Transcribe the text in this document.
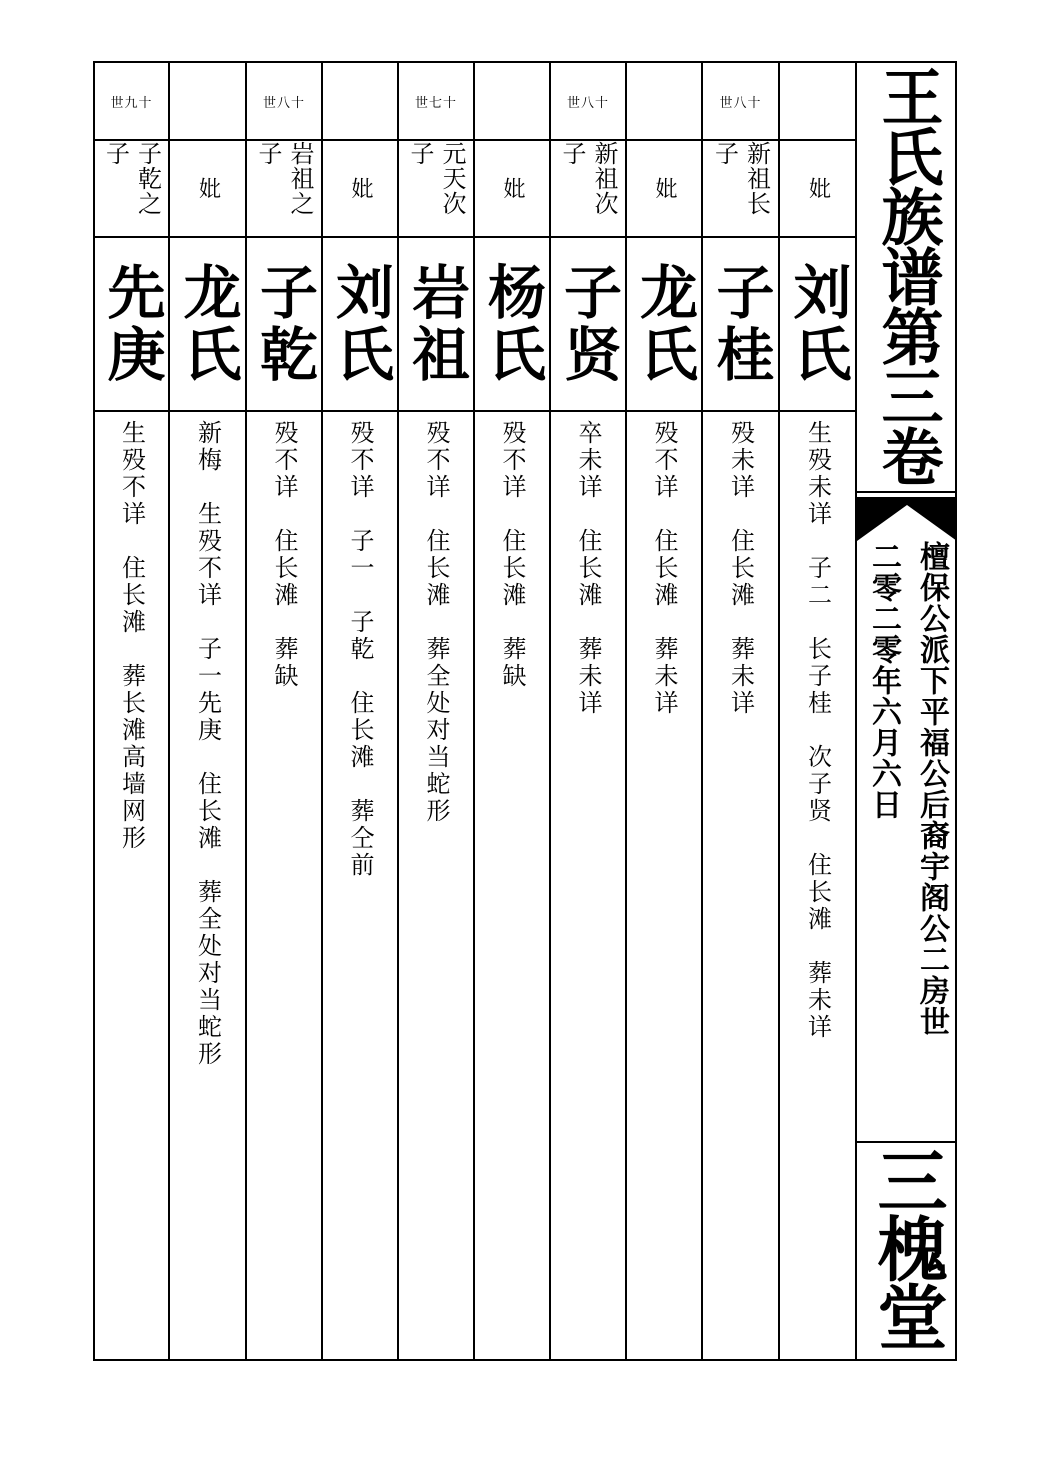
世九十
子乾之子
先庚
生殁不详　住长滩　葬长滩高墙网形
妣
龙氏
新梅　生殁不详　子一先庚　住长滩　葬全处对当蛇形
世八十
岩祖之子
子乾
殁不详　住长滩　葬缺
妣
刘氏
殁不详　子一　子乾　住长滩　葬仝前
世七十
元天次子
岩祖
殁不详　住长滩　葬全处对当蛇形
妣
杨氏
殁不详　住长滩　葬缺
世八十
新祖次子
子贤
卒未详　住长滩　葬未详
妣
龙氏
殁不详　住长滩　葬未详
世八十
新祖长子
子桂
殁未详　住长滩　葬未详
妣
刘氏
生殁未详　子二　长子桂　次子贤　住长滩　葬未详
王氏族谱第三卷
檀保公派下平福公后裔宇阁公二房世
二零二零年六月六日
三槐堂
